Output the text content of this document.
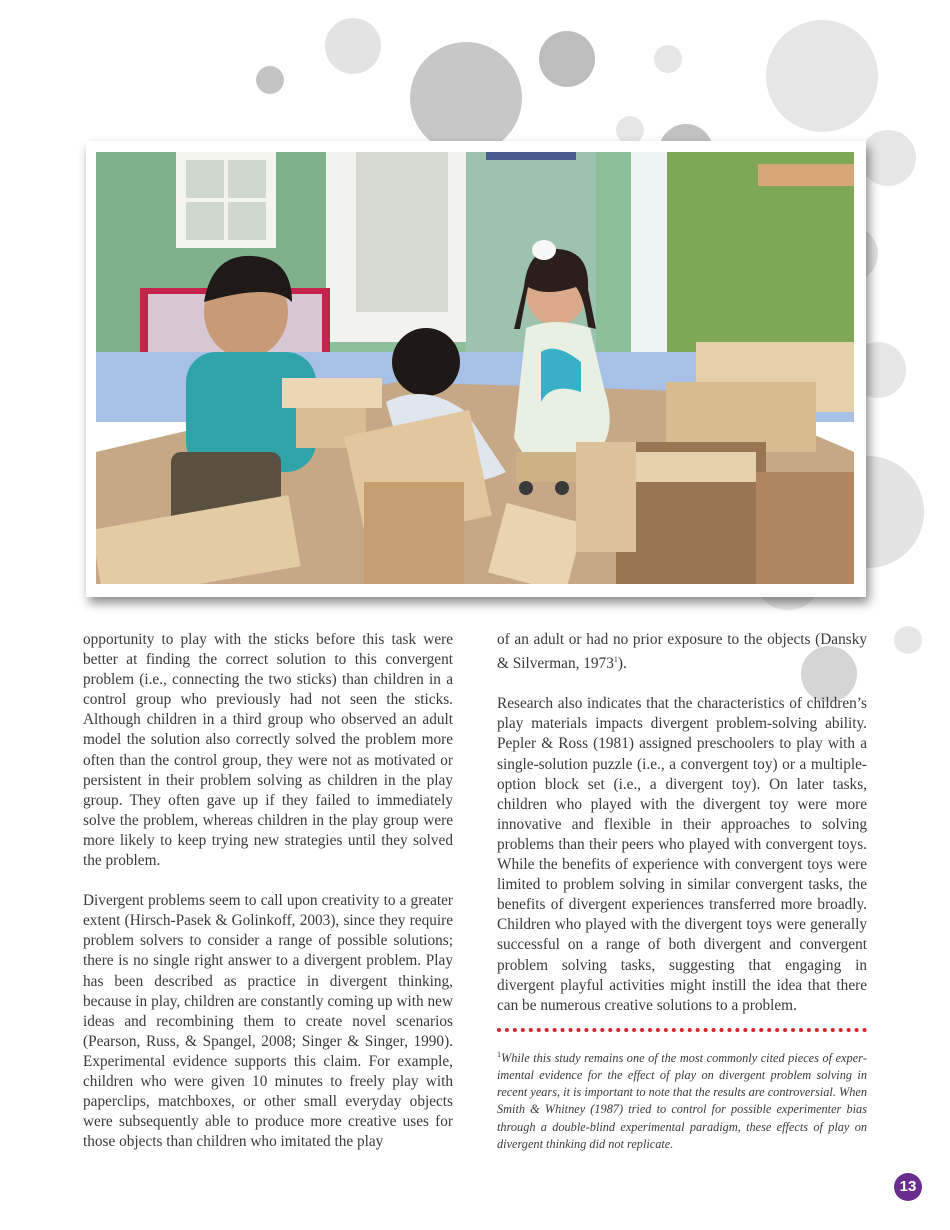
opportunity to play with the sticks before this task were better at finding the correct solution to this convergent problem (i.e., connecting the two sticks) than children in a control group who previously had not seen the sticks. Although children in a third group who observed an adult model the solution also correctly solved the problem more often than the control group, they were not as motivated or persistent in their problem solving as children in the play group. They often gave up if they failed to immediately solve the problem, whereas children in the play group were more likely to keep trying new strategies until they solved the problem.

Divergent problems seem to call upon creativity to a greater extent (Hirsch-Pasek & Golinkoff, 2003), since they require problem solvers to consider a range of possible solutions; there is no single right answer to a divergent problem. Play has been described as practice in divergent thinking, because in play, children are constantly coming up with new ideas and recombining them to create novel scenarios (Pearson, Russ, & Spangel, 2008; Singer & Singer, 1990). Experimental evidence supports this claim. For example, children who were given 10 minutes to freely play with paperclips, matchboxes, or other small everyday objects were subsequently able to produce more creative uses for those objects than children who imitated the play

of an adult or had no prior exposure to the objects (Dansky & Silverman, 1973$^1$).

Research also indicates that the characteristics of children’s play materials impacts divergent problem-solving ability. Pepler & Ross (1981) assigned preschoolers to play with a single-solution puzzle (i.e., a convergent toy) or a multiple-option block set (i.e., a divergent toy). On later tasks, children who played with the divergent toy were more innovative and flexible in their approaches to solving problems than their peers who played with convergent toys. While the benefits of experience with convergent toys were limited to problem solving in similar convergent tasks, the benefits of divergent experiences transferred more broadly. Children who played with the divergent toys were generally successful on a range of both divergent and convergent problem solving tasks, suggesting that engaging in divergent playful activities might instill the idea that there can be numerous creative solutions to a problem.

$^1$While this study remains one of the most commonly cited pieces of experimental evidence for the effect of play on divergent problem solving in recent years, it is important to note that the results are controversial. When Smith & Whitney (1987) tried to control for possible experimenter bias through a double-blind experimental paradigm, these effects of play on divergent thinking did not replicate.
13
